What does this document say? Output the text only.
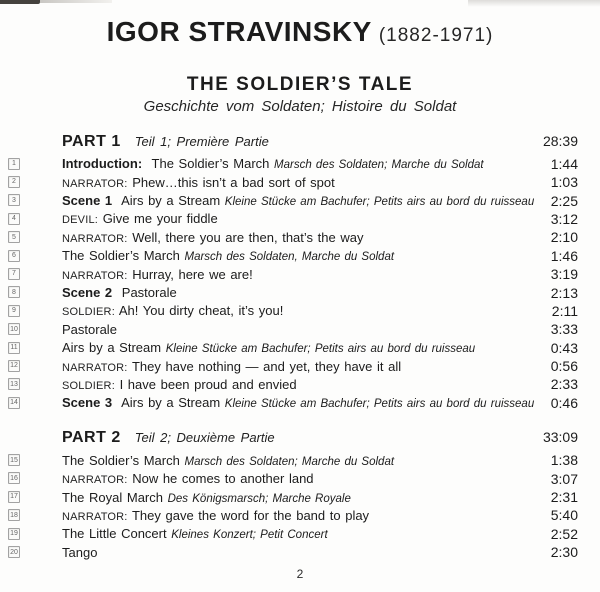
IGOR STRAVINSKY (1882-1971)
THE SOLDIER’S TALE
Geschichte vom Soldaten; Histoire du Soldat
PART 1 Teil 1; Première Partie	28:39
1	Introduction: The Soldier’s March Marsch des Soldaten; Marche du Soldat	1:44
2	NARRATOR: Phew…this isn’t a bad sort of spot	1:03
3	Scene 1 Airs by a Stream Kleine Stücke am Bachufer; Petits airs au bord du ruisseau	2:25
4	DEVIL: Give me your fiddle	3:12
5	NARRATOR: Well, there you are then, that’s the way	2:10
6	The Soldier’s March Marsch des Soldaten, Marche du Soldat	1:46
7	NARRATOR: Hurray, here we are!	3:19
8	Scene 2 Pastorale	2:13
9	SOLDIER: Ah! You dirty cheat, it’s you!	2:11
10	Pastorale	3:33
11	Airs by a Stream Kleine Stücke am Bachufer; Petits airs au bord du ruisseau	0:43
12	NARRATOR: They have nothing — and yet, they have it all	0:56
13	SOLDIER: I have been proud and envied	2:33
14	Scene 3 Airs by a Stream Kleine Stücke am Bachufer; Petits airs au bord du ruisseau	0:46
PART 2 Teil 2; Deuxième Partie	33:09
15	The Soldier’s March Marsch des Soldaten; Marche du Soldat	1:38
16	NARRATOR: Now he comes to another land	3:07
17	The Royal March Des Königsmarsch; Marche Royale	2:31
18	NARRATOR: They gave the word for the band to play	5:40
19	The Little Concert Kleines Konzert; Petit Concert	2:52
20	Tango	2:30
2
